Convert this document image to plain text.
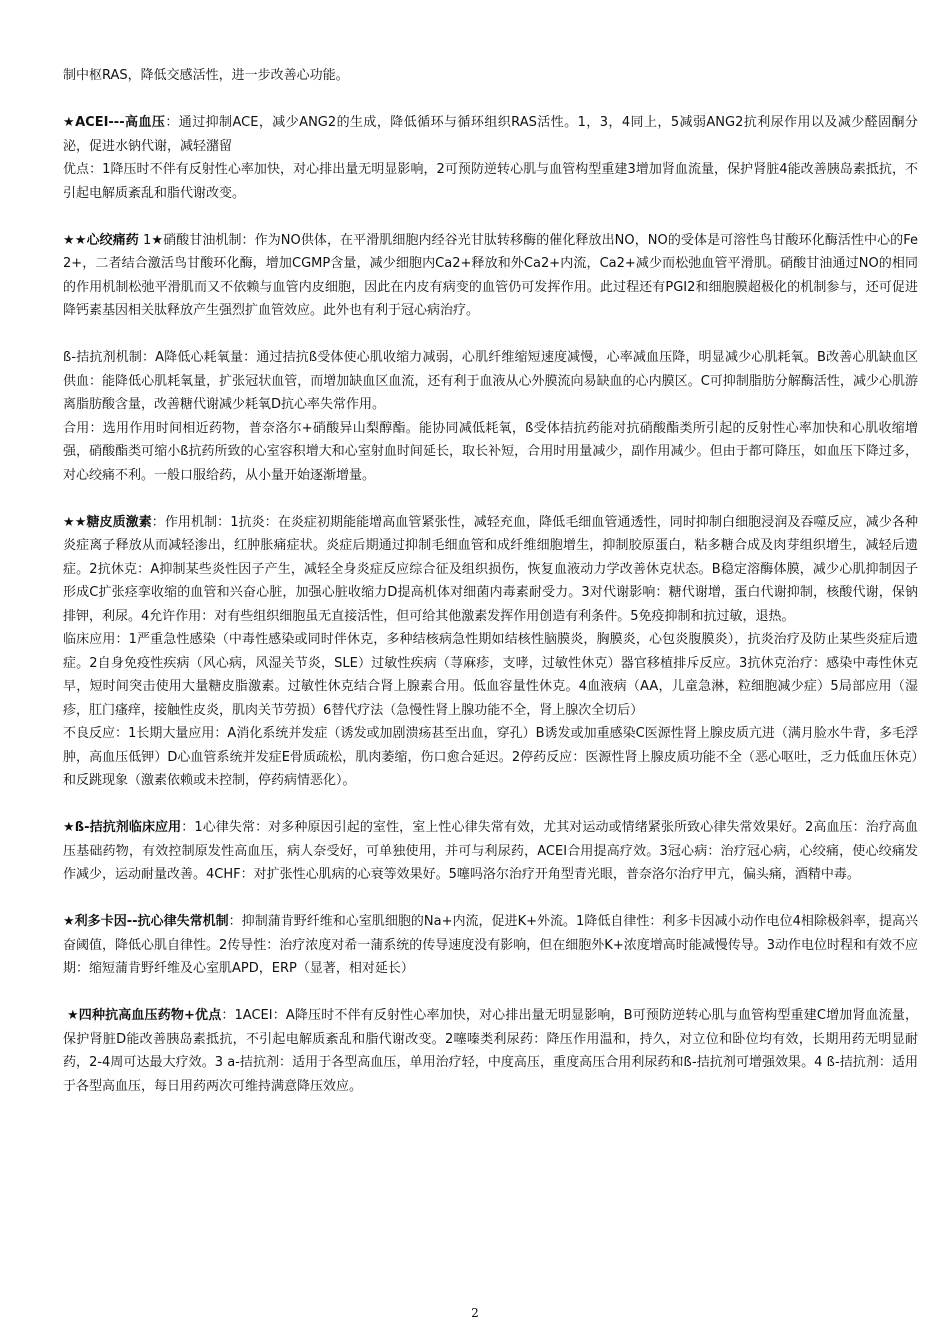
制中枢RAS，降低交感活性，进一步改善心功能。

★ACEI---高血压：通过抑制ACE，减少ANG2的生成，降低循环与循环组织RAS活性。1，3，4同上，5减弱ANG2抗利尿作用以及减少醛固酮分泌，促进水钠代谢，减轻潴留

优点：1降压时不伴有反射性心率加快，对心排出量无明显影响，2可预防逆转心肌与血管构型重建3增加肾血流量，保护肾脏4能改善胰岛素抵抗，不引起电解质紊乱和脂代谢改变。

★★心绞痛药 1★硝酸甘油机制：作为NO供体，在平滑肌细胞内经谷光甘肽转移酶的催化释放出NO，NO的受体是可溶性鸟甘酸环化酶活性中心的Fe2+，二者结合激活鸟甘酸环化酶，增加CGMP含量，减少细胞内Ca2+释放和外Ca2+内流，Ca2+减少而松弛血管平滑肌。硝酸甘油通过NO的相同的作用机制松弛平滑肌而又不依赖与血管内皮细胞，因此在内皮有病变的血管仍可发挥作用。此过程还有PGI2和细胞膜超极化的机制参与，还可促进降钙素基因相关肽释放产生强烈扩血管效应。此外也有利于冠心病治疗。

ß-拮抗剂机制：A降低心耗氧量：通过拮抗ß受体使心肌收缩力减弱，心肌纤维缩短速度减慢，心率减血压降，明显减少心肌耗氧。B改善心肌缺血区供血：能降低心肌耗氧量，扩张冠状血管，而增加缺血区血流，还有利于血液从心外膜流向易缺血的心内膜区。C可抑制脂肪分解酶活性，减少心肌游离脂肪酸含量，改善糖代谢减少耗氧D抗心率失常作用。

合用：选用作用时间相近药物，普奈洛尔+硝酸异山梨醇酯。能协同减低耗氧，ß受体拮抗药能对抗硝酸酯类所引起的反射性心率加快和心肌收缩增强，硝酸酯类可缩小ß抗药所致的心室容积增大和心室射血时间延长，取长补短，合用时用量减少，副作用减少。但由于都可降压，如血压下降过多，对心绞痛不利。一般口服给药，从小量开始逐渐增量。

★★糖皮质激素：作用机制：1抗炎：在炎症初期能能增高血管紧张性，减轻充血，降低毛细血管通透性，同时抑制白细胞浸润及吞噬反应，减少各种炎症离子释放从而减轻渗出，红肿胀痛症状。炎症后期通过抑制毛细血管和成纤维细胞增生，抑制胶原蛋白，粘多糖合成及肉芽组织增生，减轻后遗症。2抗休克：A抑制某些炎性因子产生，减轻全身炎症反应综合征及组织损伤，恢复血液动力学改善休克状态。B稳定溶酶体膜，减少心肌抑制因子形成C扩张痉挛收缩的血管和兴奋心脏，加强心脏收缩力D提高机体对细菌内毒素耐受力。3对代谢影响：糖代谢增，蛋白代谢抑制，核酸代谢，保钠排钾，利尿。4允许作用：对有些组织细胞虽无直接活性，但可给其他激素发挥作用创造有利条件。5免疫抑制和抗过敏，退热。

临床应用：1严重急性感染（中毒性感染或同时伴休克，多种结核病急性期如结核性脑膜炎，胸膜炎，心包炎腹膜炎），抗炎治疗及防止某些炎症后遗症。2自身免疫性疾病（风心病，风湿关节炎，SLE）过敏性疾病（荨麻疹，支哮，过敏性休克）器官移植排斥反应。3抗休克治疗：感染中毒性休克早，短时间突击使用大量糖皮脂激素。过敏性休克结合肾上腺素合用。低血容量性休克。4血液病（AA，儿童急淋，粒细胞减少症）5局部应用（湿疹，肛门瘙痒，接触性皮炎，肌肉关节劳损）6替代疗法（急慢性肾上腺功能不全，肾上腺次全切后）

不良反应：1长期大量应用：A消化系统并发症（诱发或加剧溃疡甚至出血，穿孔）B诱发或加重感染C医源性肾上腺皮质亢进（满月脸水牛背，多毛浮肿，高血压低钾）D心血管系统并发症E骨质疏松，肌肉萎缩，伤口愈合延迟。2停药反应：医源性肾上腺皮质功能不全（恶心呕吐，乏力低血压休克）和反跳现象（激素依赖或未控制，停药病情恶化）。

★ß-拮抗剂临床应用：1心律失常：对多种原因引起的室性，室上性心律失常有效，尤其对运动或情绪紧张所致心律失常效果好。2高血压：治疗高血压基础药物，有效控制原发性高血压，病人奈受好，可单独使用，并可与利尿药，ACEI合用提高疗效。3冠心病：治疗冠心病，心绞痛，使心绞痛发作减少，运动耐量改善。4CHF：对扩张性心肌病的心衰等效果好。5噻吗洛尔治疗开角型青光眼，普奈洛尔治疗甲亢，偏头痛，酒精中毒。

★利多卡因--抗心律失常机制：抑制蒲肯野纤维和心室肌细胞的Na+内流，促进K+外流。1降低自律性：利多卡因减小动作电位4相除极斜率，提高兴奋阈值，降低心肌自律性。2传导性：治疗浓度对希一蒲系统的传导速度没有影响，但在细胞外K+浓度增高时能减慢传导。3动作电位时程和有效不应期：缩短蒲肯野纤维及心室肌APD，ERP（显著，相对延长）

★四种抗高血压药物+优点：1ACEI：A降压时不伴有反射性心率加快，对心排出量无明显影响，B可预防逆转心肌与血管构型重建C增加肾血流量，保护肾脏D能改善胰岛素抵抗，不引起电解质紊乱和脂代谢改变。2噻嗪类利尿药：降压作用温和，持久，对立位和卧位均有效，长期用药无明显耐药，2-4周可达最大疗效。3 a-拮抗剂：适用于各型高血压，单用治疗轻，中度高压，重度高压合用利尿药和ß-拮抗剂可增强效果。4 ß-拮抗剂：适用于各型高血压，每日用药两次可维持满意降压效应。

2
